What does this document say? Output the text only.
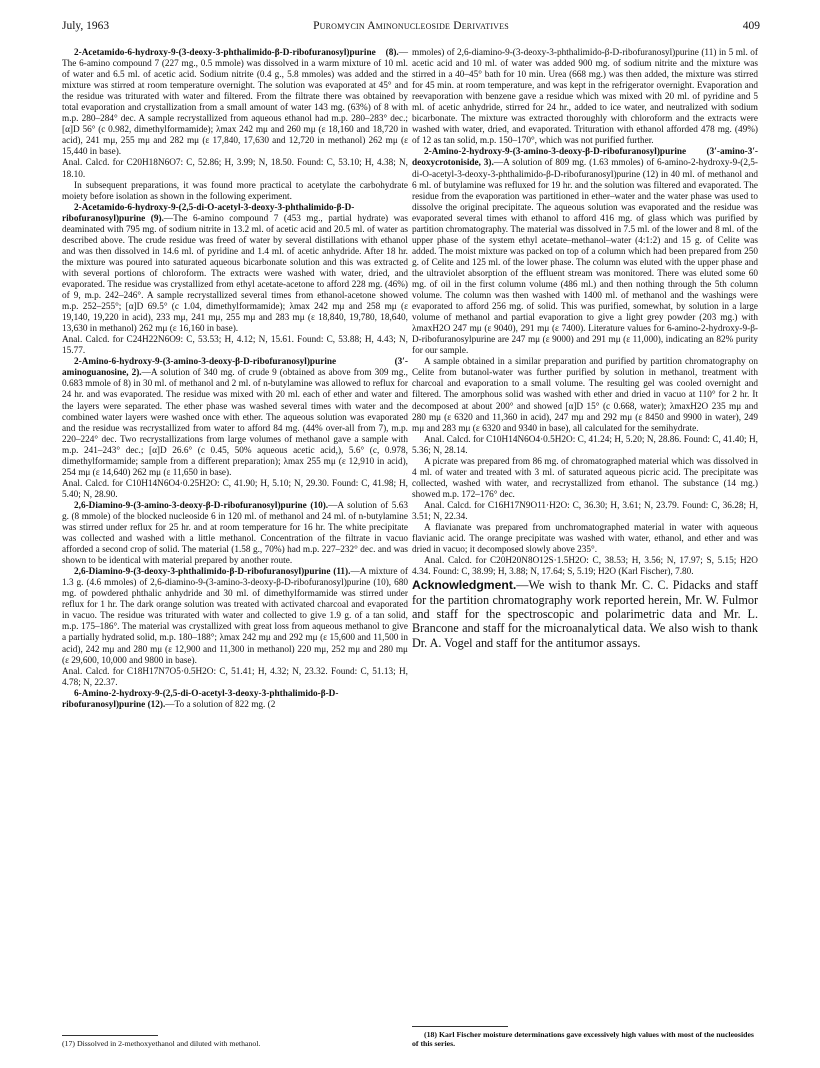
July, 1963	Puromycin Aminonucleoside Derivatives	409

2-Acetamido-6-hydroxy-9-(3-deoxy-3-phthalimido-β-D-ribofuranosyl)purine (8).—The 6-amino compound 7 (227 mg., 0.5 mmole) was dissolved in a warm mixture of 10 ml. of water and 6.5 ml. of acetic acid. Sodium nitrite (0.4 g., 5.8 mmoles) was added and the mixture was stirred at room temperature overnight. The solution was evaporated at 45° and the residue was triturated with water and filtered. From the filtrate there was obtained by total evaporation and crystallization from a small amount of water 143 mg. (63%) of 8 with m.p. 280–284° dec. A sample recrystallized from aqueous ethanol had m.p. 280–283° dec.; [α]D 56° (c 0.982, dimethylformamide); λmax 242 mμ and 260 mμ (ε 18,160 and 18,720 in acid), 241 mμ, 255 mμ and 282 mμ (ε 17,840, 17,630 and 12,720 in methanol) 262 mμ (ε 15,440 in base).

Anal. Calcd. for C20H18N6O7: C, 52.86; H, 3.99; N, 18.50. Found: C, 53.10; H, 4.38; N, 18.10.

In subsequent preparations, it was found more practical to acetylate the carbohydrate moiety before isolation as shown in the following experiment.

2-Acetamido-6-hydroxy-9-(2,5-di-O-acetyl-3-deoxy-3-phthalimido-β-D-ribofuranosyl)purine (9).—The 6-amino compound 7 (453 mg., partial hydrate) was deaminated with 795 mg. of sodium nitrite in 13.2 ml. of acetic acid and 20.5 ml. of water as described above. The crude residue was freed of water by several distillations with ethanol and was then dissolved in 14.6 ml. of pyridine and 1.4 ml. of acetic anhydride. After 18 hr. the mixture was poured into saturated aqueous bicarbonate solution and this was extracted with several portions of chloroform. The extracts were washed with water, dried, and evaporated. The residue was crystallized from ethyl acetate-acetone to afford 228 mg. (46%) of 9, m.p. 242–246°. A sample recrystallized several times from ethanol-acetone showed m.p. 252–255°; [α]D 69.5° (c 1.04, dimethylformamide); λmax 242 mμ and 258 mμ (ε 19,140, 19,220 in acid), 233 mμ, 241 mμ, 255 mμ and 283 mμ (ε 18,840, 19,780, 18,640, 13,630 in methanol) 262 mμ (ε 16,160 in base).

Anal. Calcd. for C24H22N6O9: C, 53.53; H, 4.12; N, 15.61. Found: C, 53.88; H, 4.43; N, 15.77.

2-Amino-6-hydroxy-9-(3-amino-3-deoxy-β-D-ribofuranosyl)purine (3′-aminoguanosine, 2).—A solution of 340 mg. of crude 9 (obtained as above from 309 mg., 0.683 mmole of 8) in 30 ml. of methanol and 2 ml. of n-butylamine was allowed to reflux for 24 hr. and was evaporated. The residue was mixed with 20 ml. each of ether and water and the layers were separated. The ether phase was washed several times with water and the combined water layers were washed once with ether. The aqueous solution was evaporated and the residue was recrystallized from water to afford 84 mg. (44% over-all from 7), m.p. 220–224° dec. Two recrystallizations from large volumes of methanol gave a sample with m.p. 241–243° dec.; [α]D 26.6° (c 0.45, 50% aqueous acetic acid,), 5.6° (c, 0.978, dimethylformamide; sample from a different preparation); λmax 255 mμ (ε 12,910 in acid), 254 mμ (ε 14,640) 262 mμ (ε 11,650 in base).

Anal. Calcd. for C10H14N6O4·0.25H2O: C, 41.90; H, 5.10; N, 29.30. Found: C, 41.98; H, 5.40; N, 28.90.

2,6-Diamino-9-(3-amino-3-deoxy-β-D-ribofuranosyl)purine (10).—A solution of 5.63 g. (8 mmole) of the blocked nucleoside 6 in 120 ml. of methanol and 24 ml. of n-butylamine was stirred under reflux for 25 hr. and at room temperature for 16 hr. The white precipitate was collected and washed with a little methanol. Concentration of the filtrate in vacuo afforded a second crop of solid. The material (1.58 g., 70%) had m.p. 227–232° dec. and was shown to be identical with material prepared by another route.

2,6-Diamino-9-(3-deoxy-3-phthalimido-β-D-ribofuranosyl)purine (11).—A mixture of 1.3 g. (4.6 mmoles) of 2,6-diamino-9-(3-amino-3-deoxy-β-D-ribofuranosyl)purine (10), 680 mg. of powdered phthalic anhydride and 30 ml. of dimethylformamide was stirred under reflux for 1 hr. The dark orange solution was treated with activated charcoal and evaporated in vacuo. The residue was triturated with water and collected to give 1.9 g. of a tan solid, m.p. 175–186°. The material was crystallized with great loss from aqueous methanol to give a partially hydrated solid, m.p. 180–188°; λmax 242 mμ and 292 mμ (ε 15,600 and 11,500 in acid), 242 mμ and 280 mμ (ε 12,900 and 11,300 in methanol) 220 mμ, 252 mμ and 280 mμ (ε 29,600, 10,000 and 9800 in base).

Anal. Calcd. for C18H17N7O5·0.5H2O: C, 51.41; H, 4.32; N, 23.32. Found: C, 51.13; H, 4.78; N, 22.37.

6-Amino-2-hydroxy-9-(2,5-di-O-acetyl-3-deoxy-3-phthalimido-β-D-ribofuranosyl)purine (12).—To a solution of 822 mg. (2

mmoles) of 2,6-diamino-9-(3-deoxy-3-phthalimido-β-D-ribofuranosyl)purine (11) in 5 ml. of acetic acid and 10 ml. of water was added 900 mg. of sodium nitrite and the mixture was stirred in a 40–45° bath for 10 min. Urea (668 mg.) was then added, the mixture was stirred for 45 min. at room temperature, and was kept in the refrigerator overnight. Evaporation and reevaporation with benzene gave a residue which was mixed with 20 ml. of pyridine and 5 ml. of acetic anhydride, stirred for 24 hr., added to ice water, and neutralized with sodium bicarbonate. The mixture was extracted thoroughly with chloroform and the extracts were washed with water, dried, and evaporated. Trituration with ethanol afforded 478 mg. (49%) of 12 as tan solid, m.p. 150–170°, which was not purified further.

2-Amino-2-hydroxy-9-(3-amino-3-deoxy-β-D-ribofuranosyl)purine (3′-amino-3′-deoxycrotoniside, 3).—A solution of 809 mg. (1.63 mmoles) of 6-amino-2-hydroxy-9-(2,5-di-O-acetyl-3-deoxy-3-phthalimido-β-D-ribofuranosyl)purine (12) in 40 ml. of methanol and 6 ml. of butylamine was refluxed for 19 hr. and the solution was filtered and evaporated. The residue from the evaporation was partitioned in ether–water and the water phase was used to dissolve the original precipitate. The aqueous solution was evaporated and the residue was evaporated several times with ethanol to afford 416 mg. of glass which was purified by partition chromatography. The material was dissolved in 7.5 ml. of the lower and 8 ml. of the upper phase of the system ethyl acetate–methanol–water (4:1:2) and 15 g. of Celite was added. The moist mixture was packed on top of a column which had been prepared from 250 g. of Celite and 125 ml. of the lower phase. The column was eluted with the upper phase and the ultraviolet absorption of the effluent stream was monitored. There was eluted some 60 mg. of oil in the first column volume (486 ml.) and then nothing through the 5th column volume. The column was then washed with 1400 ml. of methanol and the washings were evaporated to afford 256 mg. of solid. This was purified, somewhat, by solution in a large volume of methanol and partial evaporation to give a light grey powder (203 mg.) with λmaxH2O 247 mμ (ε 9040), 291 mμ (ε 7400). Literature values for 6-amino-2-hydroxy-9-β-D-ribofuranosylpurine are 247 mμ (ε 9000) and 291 mμ (ε 11,000), indicating an 82% purity for our sample.

A sample obtained in a similar preparation and purified by partition chromatography on Celite from butanol-water was further purified by solution in methanol, treatment with charcoal and evaporation to a small volume. The resulting gel was cooled overnight and filtered. The amorphous solid was washed with ether and dried in vacuo at 110° for 2 hr. It decomposed at about 200° and showed [α]D 15° (c 0.668, water); λmaxH2O 235 mμ and 280 mμ (ε 6320 and 11,360 in acid), 247 mμ and 292 mμ (ε 8450 and 9900 in water), 249 mμ and 283 mμ (ε 6320 and 9340 in base), all calculated for the semihydrate.

Anal. Calcd. for C10H14N6O4·0.5H2O: C, 41.24; H, 5.20; N, 28.86. Found: C, 41.40; H, 5.36; N, 28.14.

A picrate was prepared from 86 mg. of chromatographed material which was dissolved in 4 ml. of water and treated with 3 ml. of saturated aqueous picric acid. The precipitate was collected, washed with water, and recrystallized from ethanol. The substance (14 mg.) showed m.p. 172–176° dec.

Anal. Calcd. for C16H17N9O11·H2O: C, 36.30; H, 3.61; N, 23.79. Found: C, 36.28; H, 3.51; N, 22.34.

A flavianate was prepared from unchromatographed material in water with aqueous flavianic acid. The orange precipitate was washed with water, ethanol, and ether and was dried in vacuo; it decomposed slowly above 235°.

Anal. Calcd. for C20H20N8O12S·1.5H2O: C, 38.53; H, 3.56; N, 17.97; S, 5.15; H2O 4.34. Found: C, 38.99; H, 3.88; N, 17.64; S, 5.19; H2O (Karl Fischer), 7.80.

Acknowledgment.—We wish to thank Mr. C. C. Pidacks and staff for the partition chromatography work reported herein, Mr. W. Fulmor and staff for the spectroscopic and polarimetric data and Mr. L. Brancone and staff for the microanalytical data. We also wish to thank Dr. A. Vogel and staff for the antitumor assays.

(17) Dissolved in 2-methoxyethanol and diluted with methanol.
(18) Karl Fischer moisture determinations gave excessively high values with most of the nucleosides of this series.
